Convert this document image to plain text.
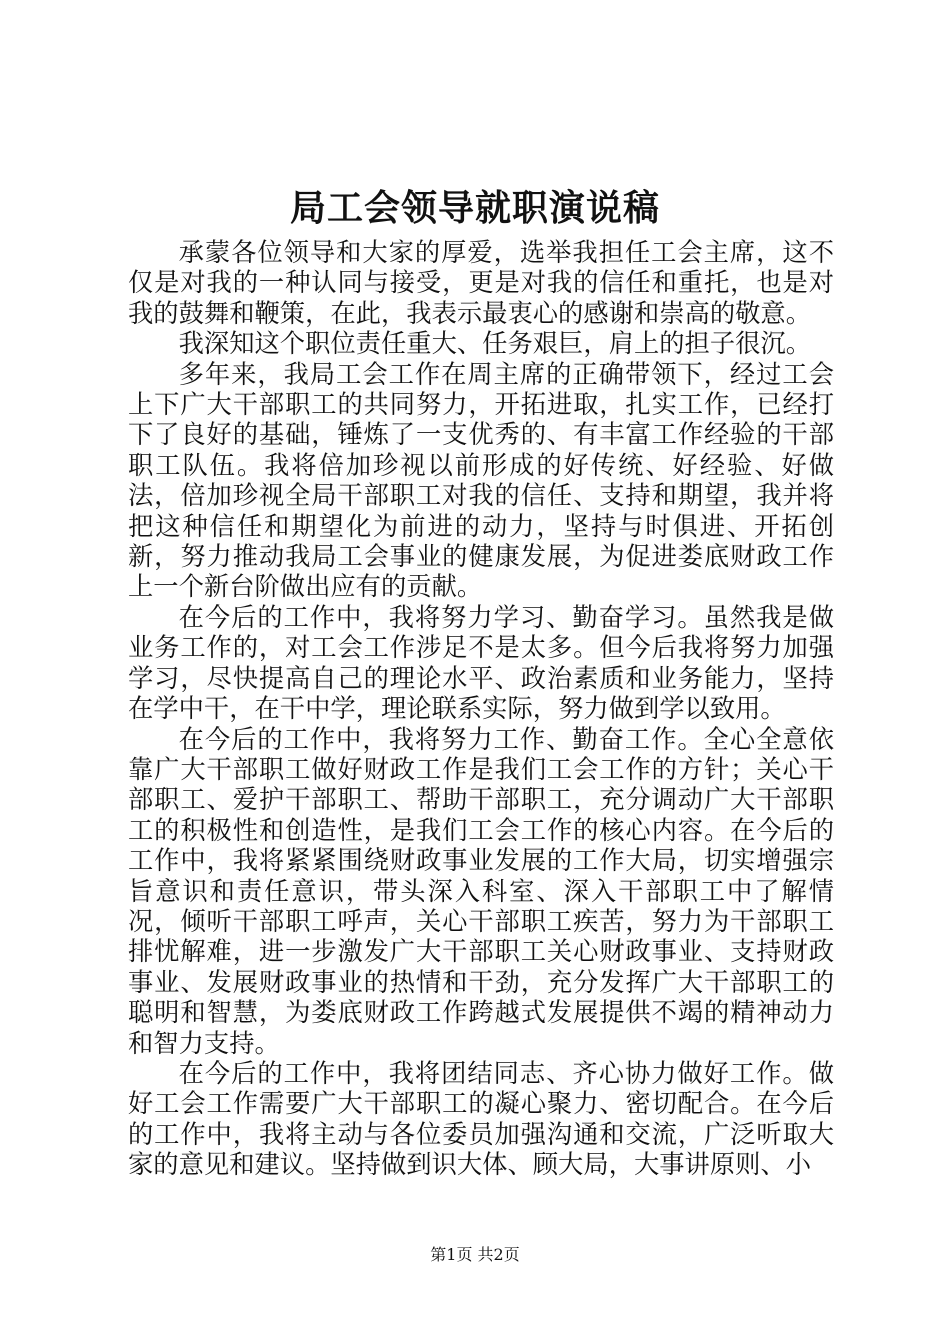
局工会领导就职演说稿

承蒙各位领导和大家的厚爱，选举我担任工会主席，这不仅是对我的一种认同与接受，更是对我的信任和重托，也是对我的鼓舞和鞭策，在此，我表示最衷心的感谢和崇高的敬意。

我深知这个职位责任重大、任务艰巨，肩上的担子很沉。

多年来，我局工会工作在周主席的正确带领下，经过工会上下广大干部职工的共同努力，开拓进取，扎实工作，已经打下了良好的基础，锤炼了一支优秀的、有丰富工作经验的干部职工队伍。我将倍加珍视以前形成的好传统、好经验、好做法，倍加珍视全局干部职工对我的信任、支持和期望，我并将把这种信任和期望化为前进的动力，坚持与时俱进、开拓创新，努力推动我局工会事业的健康发展，为促进娄底财政工作上一个新台阶做出应有的贡献。

在今后的工作中，我将努力学习、勤奋学习。虽然我是做业务工作的，对工会工作涉足不是太多。但今后我将努力加强学习，尽快提高自己的理论水平、政治素质和业务能力，坚持在学中干，在干中学，理论联系实际，努力做到学以致用。

在今后的工作中，我将努力工作、勤奋工作。全心全意依靠广大干部职工做好财政工作是我们工会工作的方针；关心干部职工、爱护干部职工、帮助干部职工，充分调动广大干部职工的积极性和创造性，是我们工会工作的核心内容。在今后的工作中，我将紧紧围绕财政事业发展的工作大局，切实增强宗旨意识和责任意识，带头深入科室、深入干部职工中了解情况，倾听干部职工呼声，关心干部职工疾苦，努力为干部职工排忧解难，进一步激发广大干部职工关心财政事业、支持财政事业、发展财政事业的热情和干劲，充分发挥广大干部职工的聪明和智慧，为娄底财政工作跨越式发展提供不竭的精神动力和智力支持。

在今后的工作中，我将团结同志、齐心协力做好工作。做好工会工作需要广大干部职工的凝心聚力、密切配合。在今后的工作中，我将主动与各位委员加强沟通和交流，广泛听取大家的意见和建议。坚持做到识大体、顾大局，大事讲原则、小

第1页 共2页
